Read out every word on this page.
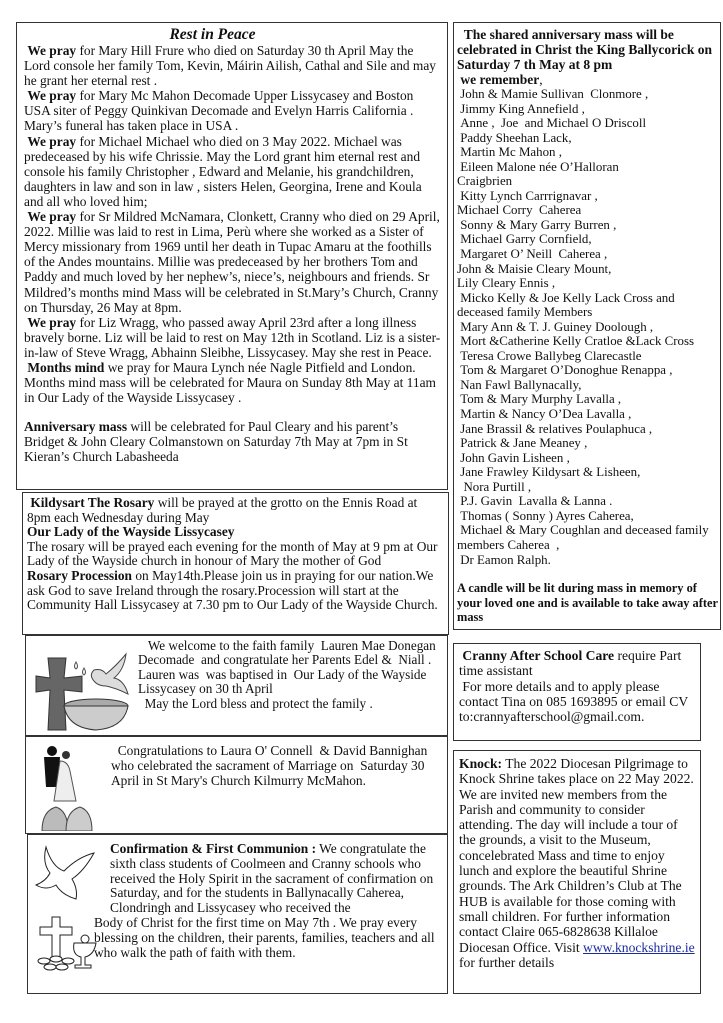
Rest in Peace

We pray for Mary Hill Frure who died on Saturday 30 th April May the Lord console her family Tom, Kevin, Máirin Ailish, Cathal and Sile and may he grant her eternal rest .

We pray for Mary Mc Mahon Decomade Upper Lissycasey and Boston USA siter of Peggy Quinkivan Decomade and Evelyn Harris California . Mary’s funeral has taken place in USA .

We pray for Michael Michael who died on 3 May 2022. Michael was predeceased by his wife Chrissie. May the Lord grant him eternal rest and console his family Christopher , Edward and Melanie, his grandchildren, daughters in law and son in law , sisters Helen, Georgina, Irene and Koula and all who loved him;

We pray for Sr Mildred McNamara, Clonkett, Cranny who died on 29 April, 2022. Millie was laid to rest in Lima, Perù where she worked as a Sister of Mercy missionary from 1969 until her death in Tupac Amaru at the foothills of the Andes mountains. Millie was predeceased by her brothers Tom and Paddy and much loved by her nephew’s, niece’s, neighbours and friends. Sr Mildred’s months mind Mass will be celebrated in St.Mary’s Church, Cranny on Thursday, 26 May at 8pm.

We pray for Liz Wragg, who passed away April 23rd after a long illness bravely borne. Liz will be laid to rest on May 12th in Scotland. Liz is a sister-in-law of Steve Wragg, Abhainn Sleibhe, Lissycasey. May she rest in Peace.

Months mind we pray for Maura Lynch née Nagle Pitfield and London. Months mind mass will be celebrated for Maura on Sunday 8th May at 11am in Our Lady of the Wayside Lissycasey .

Anniversary mass will be celebrated for Paul Cleary and his parent’s Bridget & John Cleary Colmanstown on Saturday 7th May at 7pm in St Kieran’s Church Labasheeda

Kildysart The Rosary will be prayed at the grotto on the Ennis Road at 8pm each Wednesday during May

Our Lady of the Wayside Lissycasey

The rosary will be prayed each evening for the month of May at 9 pm at Our Lady of the Wayside church in honour of Mary the mother of God

Rosary Procession on May14th.Please join us in praying for our nation.We ask God to save Ireland through the rosary.Procession will start at the Community Hall Lissycasey at 7.30 pm to Our Lady of the Wayside Church.

We welcome to the faith family  Lauren Mae Donegan Decomade  and congratulate her Parents Edel &  Niall . Lauren was  was baptised in  Our Lady of the Wayside Lissycasey on 30 th April

May the Lord bless and protect the family .

Congratulations to Laura O' Connell  & David Bannighan who celebrated the sacrament of Marriage on  Saturday 30 April in St Mary's Church Kilmurry McMahon.

Confirmation & First Communion : We congratulate the sixth class students of Coolmeen and Cranny schools who received the Holy Spirit in the sacrament of confirmation on Saturday, and for the students in Ballynacally Caherea, Clondringh and Lissycasey who received the

Body of Christ for the first time on May 7th . We pray every blessing on the children, their parents, families, teachers and all who walk the path of faith with them.

The shared anniversary mass will be celebrated in Christ the King Ballycorick on Saturday 7 th May at 8 pm

we remember,

John & Mamie Sullivan  Clonmore ,

Jimmy King Annefield ,

Anne ,  Joe  and Michael O Driscoll

Paddy Sheehan Lack,

Martin Mc Mahon ,

Eileen Malone née O’Halloran

Craigbrien

Kitty Lynch Carrrignavar ,

Michael Corry  Caherea

Sonny & Mary Garry Burren ,

Michael Garry Cornfield,

Margaret O’ Neill  Caherea ,

John & Maisie Cleary Mount,

Lily Cleary Ennis ,

Micko Kelly & Joe Kelly Lack Cross and deceased family Members

Mary Ann & T. J. Guiney Doolough ,

Mort &Catherine Kelly Cratloe &Lack Cross

Teresa Crowe Ballybeg Clarecastle

Tom & Margaret O’Donoghue Renappa ,

Nan Fawl Ballynacally,

Tom & Mary Murphy Lavalla ,

Martin & Nancy O’Dea Lavalla ,

Jane Brassil & relatives Poulaphuca ,

Patrick & Jane Meaney ,

John Gavin Lisheen ,

Jane Frawley Kildysart & Lisheen,

Nora Purtill ,

P.J. Gavin  Lavalla & Lanna .

Thomas ( Sonny ) Ayres Caherea,

Michael & Mary Coughlan and deceased family members Caherea  ,

Dr Eamon Ralph.

A candle will be lit during mass in memory of your loved one and is available to take away after mass

Cranny After School Care require Part time assistant

For more details and to apply please contact Tina on 085 1693895 or email CV to:crannyafterschool@gmail.com.

Knock: The 2022 Diocesan Pilgrimage to Knock Shrine takes place on 22 May 2022. We are invited new members from the Parish and community to consider attending. The day will include a tour of the grounds, a visit to the Museum, concelebrated Mass and time to enjoy lunch and explore the beautiful Shrine grounds. The Ark Children’s Club at The HUB is available for those coming with small children. For further information contact Claire 065-6828638 Killaloe Diocesan Office. Visit www.knockshrine.ie for further details
